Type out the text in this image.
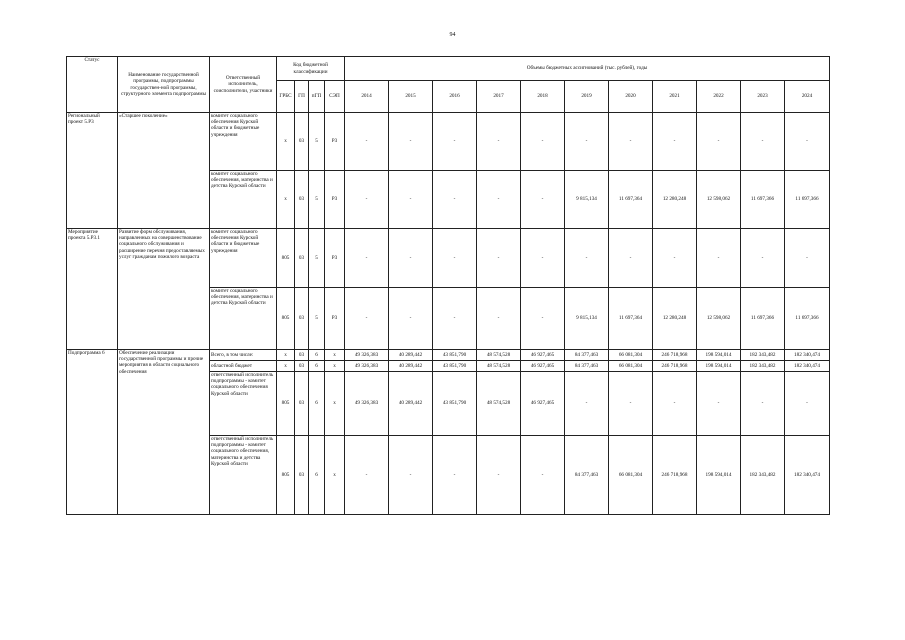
94
Статус	Наименование государственной программы, подпрограммы государствен-ной программы, структурного элемента подпрограммы	Ответственный исполнитель, соисполнители, участники	Код бюджетной классификации				Объемы бюджетных ассигнований (тыс. рублей), годы										
			ГРБС	ГП	пГП	СЭП	2014	2015	2016	2017	2018	2019	2020	2021	2022	2023	2024
Региональный проект 5.Р3	«Старшее поколение»	комитет социального обеспечения Курской области и бюджетные учреждения	х	03	5	Р3	-	-	-	-	-	-	-	-	-	-	-
		комитет социального обеспечения, материнства и детства Курской области	х	03	5	Р3	-	-	-	-	-	9 815,134	11 697,364	12 280,248	12 598,062	11 697,366	11 697,366
Мероприятие проекта 5.Р3.1	Развитие форм обслуживания, направленных на совершенствование социального обслуживания и расширение перечня предоставляемых услуг гражданам пожилого возраста	комитет социального обеспечения Курской области и бюджетные учреждения	805	03	5	Р3	-	-	-	-	-	-	-	-	-	-	-
		комитет социального обеспечения, материнства и детства Курской области	805	03	5	Р3	-	-	-	-	-	9 815,134	11 697,364	12 280,248	12 598,062	11 697,366	11 697,366
Подпрограмма 6	Обеспечение реализации государственной программы и прочие мероприятия в области социального обеспечения	Всего, в том числе:	х	03	6	х	49 326,383	40 289,442	43 851,790	48 574,528	46 927,465	84 377,463	66 081,304	246 718,968	198 594,014	182 343,482	182 340,474
		областной бюджет	х	03	6	х	49 326,383	40 289,442	43 851,790	48 574,528	46 927,465	84 377,463	66 081,304	246 718,968	198 594,014	182 343,482	182 340,474
		ответственный исполнитель подпрограммы - комитет социального обеспечения Курской области	805	03	6	х	49 326,383	40 289,442	43 851,790	48 574,528	46 927,465	-	-	-	-	-	-
		ответственный исполнитель подпрограммы - комитет социального обеспечения, материнства и детства Курской области	805	03	6	х	-	-	-	-	-	84 377,463	66 081,304	246 718,968	198 594,014	182 343,482	182 340,474
